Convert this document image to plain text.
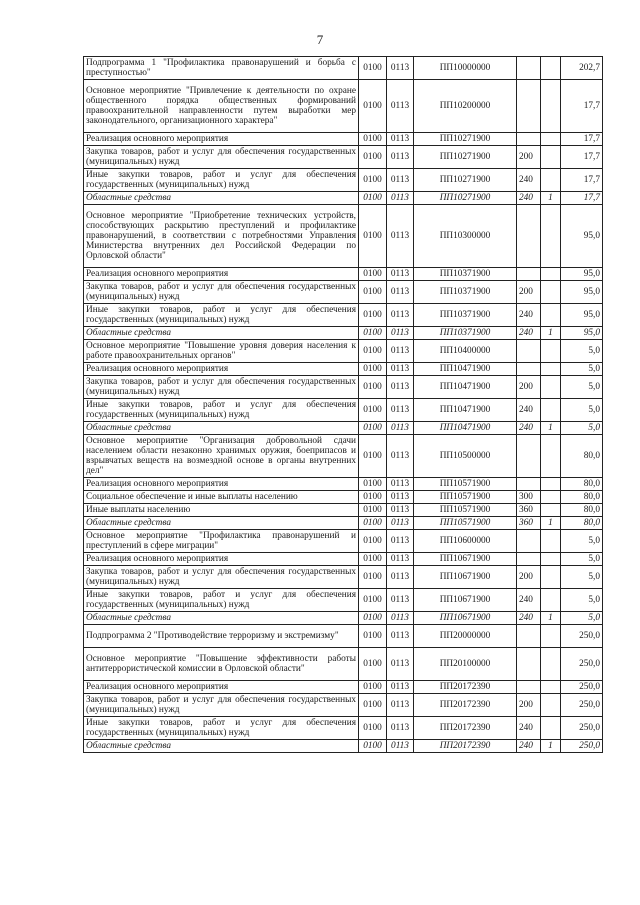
7
Подпрограмма 1 "Профилактика правонарушений и борьба с преступностью"	0100	0113	ПП10000000			202,7
Основное мероприятие "Привлечение к деятельности по охране общественного порядка общественных формирований правоохранительной направленности путем выработки мер законодательного, организационного характера"	0100	0113	ПП10200000			17,7
Реализация основного мероприятия	0100	0113	ПП10271900			17,7
Закупка товаров, работ и услуг для обеспечения государственных (муниципальных) нужд	0100	0113	ПП10271900	200		17,7
Иные закупки товаров, работ и услуг для обеспечения государственных (муниципальных) нужд	0100	0113	ПП10271900	240		17,7
Областные средства	0100	0113	ПП10271900	240	1	17,7
Основное мероприятие "Приобретение технических устройств, способствующих раскрытию преступлений и профилактике правонарушений, в соответствии с потребностями Управления Министерства внутренних дел Российской Федерации по Орловской области"	0100	0113	ПП10300000			95,0
Реализация основного мероприятия	0100	0113	ПП10371900			95,0
Закупка товаров, работ и услуг для обеспечения государственных (муниципальных) нужд	0100	0113	ПП10371900	200		95,0
Иные закупки товаров, работ и услуг для обеспечения государственных (муниципальных) нужд	0100	0113	ПП10371900	240		95,0
Областные средства	0100	0113	ПП10371900	240	1	95,0
Основное мероприятие "Повышение уровня доверия населения к работе правоохранительных органов"	0100	0113	ПП10400000			5,0
Реализация основного мероприятия	0100	0113	ПП10471900			5,0
Закупка товаров, работ и услуг для обеспечения государственных (муниципальных) нужд	0100	0113	ПП10471900	200		5,0
Иные закупки товаров, работ и услуг для обеспечения государственных (муниципальных) нужд	0100	0113	ПП10471900	240		5,0
Областные средства	0100	0113	ПП10471900	240	1	5,0
Основное мероприятие "Организация добровольной сдачи населением области незаконно хранимых оружия, боеприпасов и взрывчатых веществ на возмездной основе в органы внутренних дел"	0100	0113	ПП10500000			80,0
Реализация основного мероприятия	0100	0113	ПП10571900			80,0
Социальное обеспечение и иные выплаты населению	0100	0113	ПП10571900	300		80,0
Иные выплаты населению	0100	0113	ПП10571900	360		80,0
Областные средства	0100	0113	ПП10571900	360	1	80,0
Основное мероприятие "Профилактика правонарушений и преступлений в сфере миграции"	0100	0113	ПП10600000			5,0
Реализация основного мероприятия	0100	0113	ПП10671900			5,0
Закупка товаров, работ и услуг для обеспечения государственных (муниципальных) нужд	0100	0113	ПП10671900	200		5,0
Иные закупки товаров, работ и услуг для обеспечения государственных (муниципальных) нужд	0100	0113	ПП10671900	240		5,0
Областные средства	0100	0113	ПП10671900	240	1	5,0
Подпрограмма 2 "Противодействие терроризму и экстремизму"	0100	0113	ПП20000000			250,0
Основное мероприятие "Повышение эффективности работы антитеррористической комиссии в Орловской области"	0100	0113	ПП20100000			250,0
Реализация основного мероприятия	0100	0113	ПП20172390			250,0
Закупка товаров, работ и услуг для обеспечения государственных (муниципальных) нужд	0100	0113	ПП20172390	200		250,0
Иные закупки товаров, работ и услуг для обеспечения государственных (муниципальных) нужд	0100	0113	ПП20172390	240		250,0
Областные средства	0100	0113	ПП20172390	240	1	250,0
